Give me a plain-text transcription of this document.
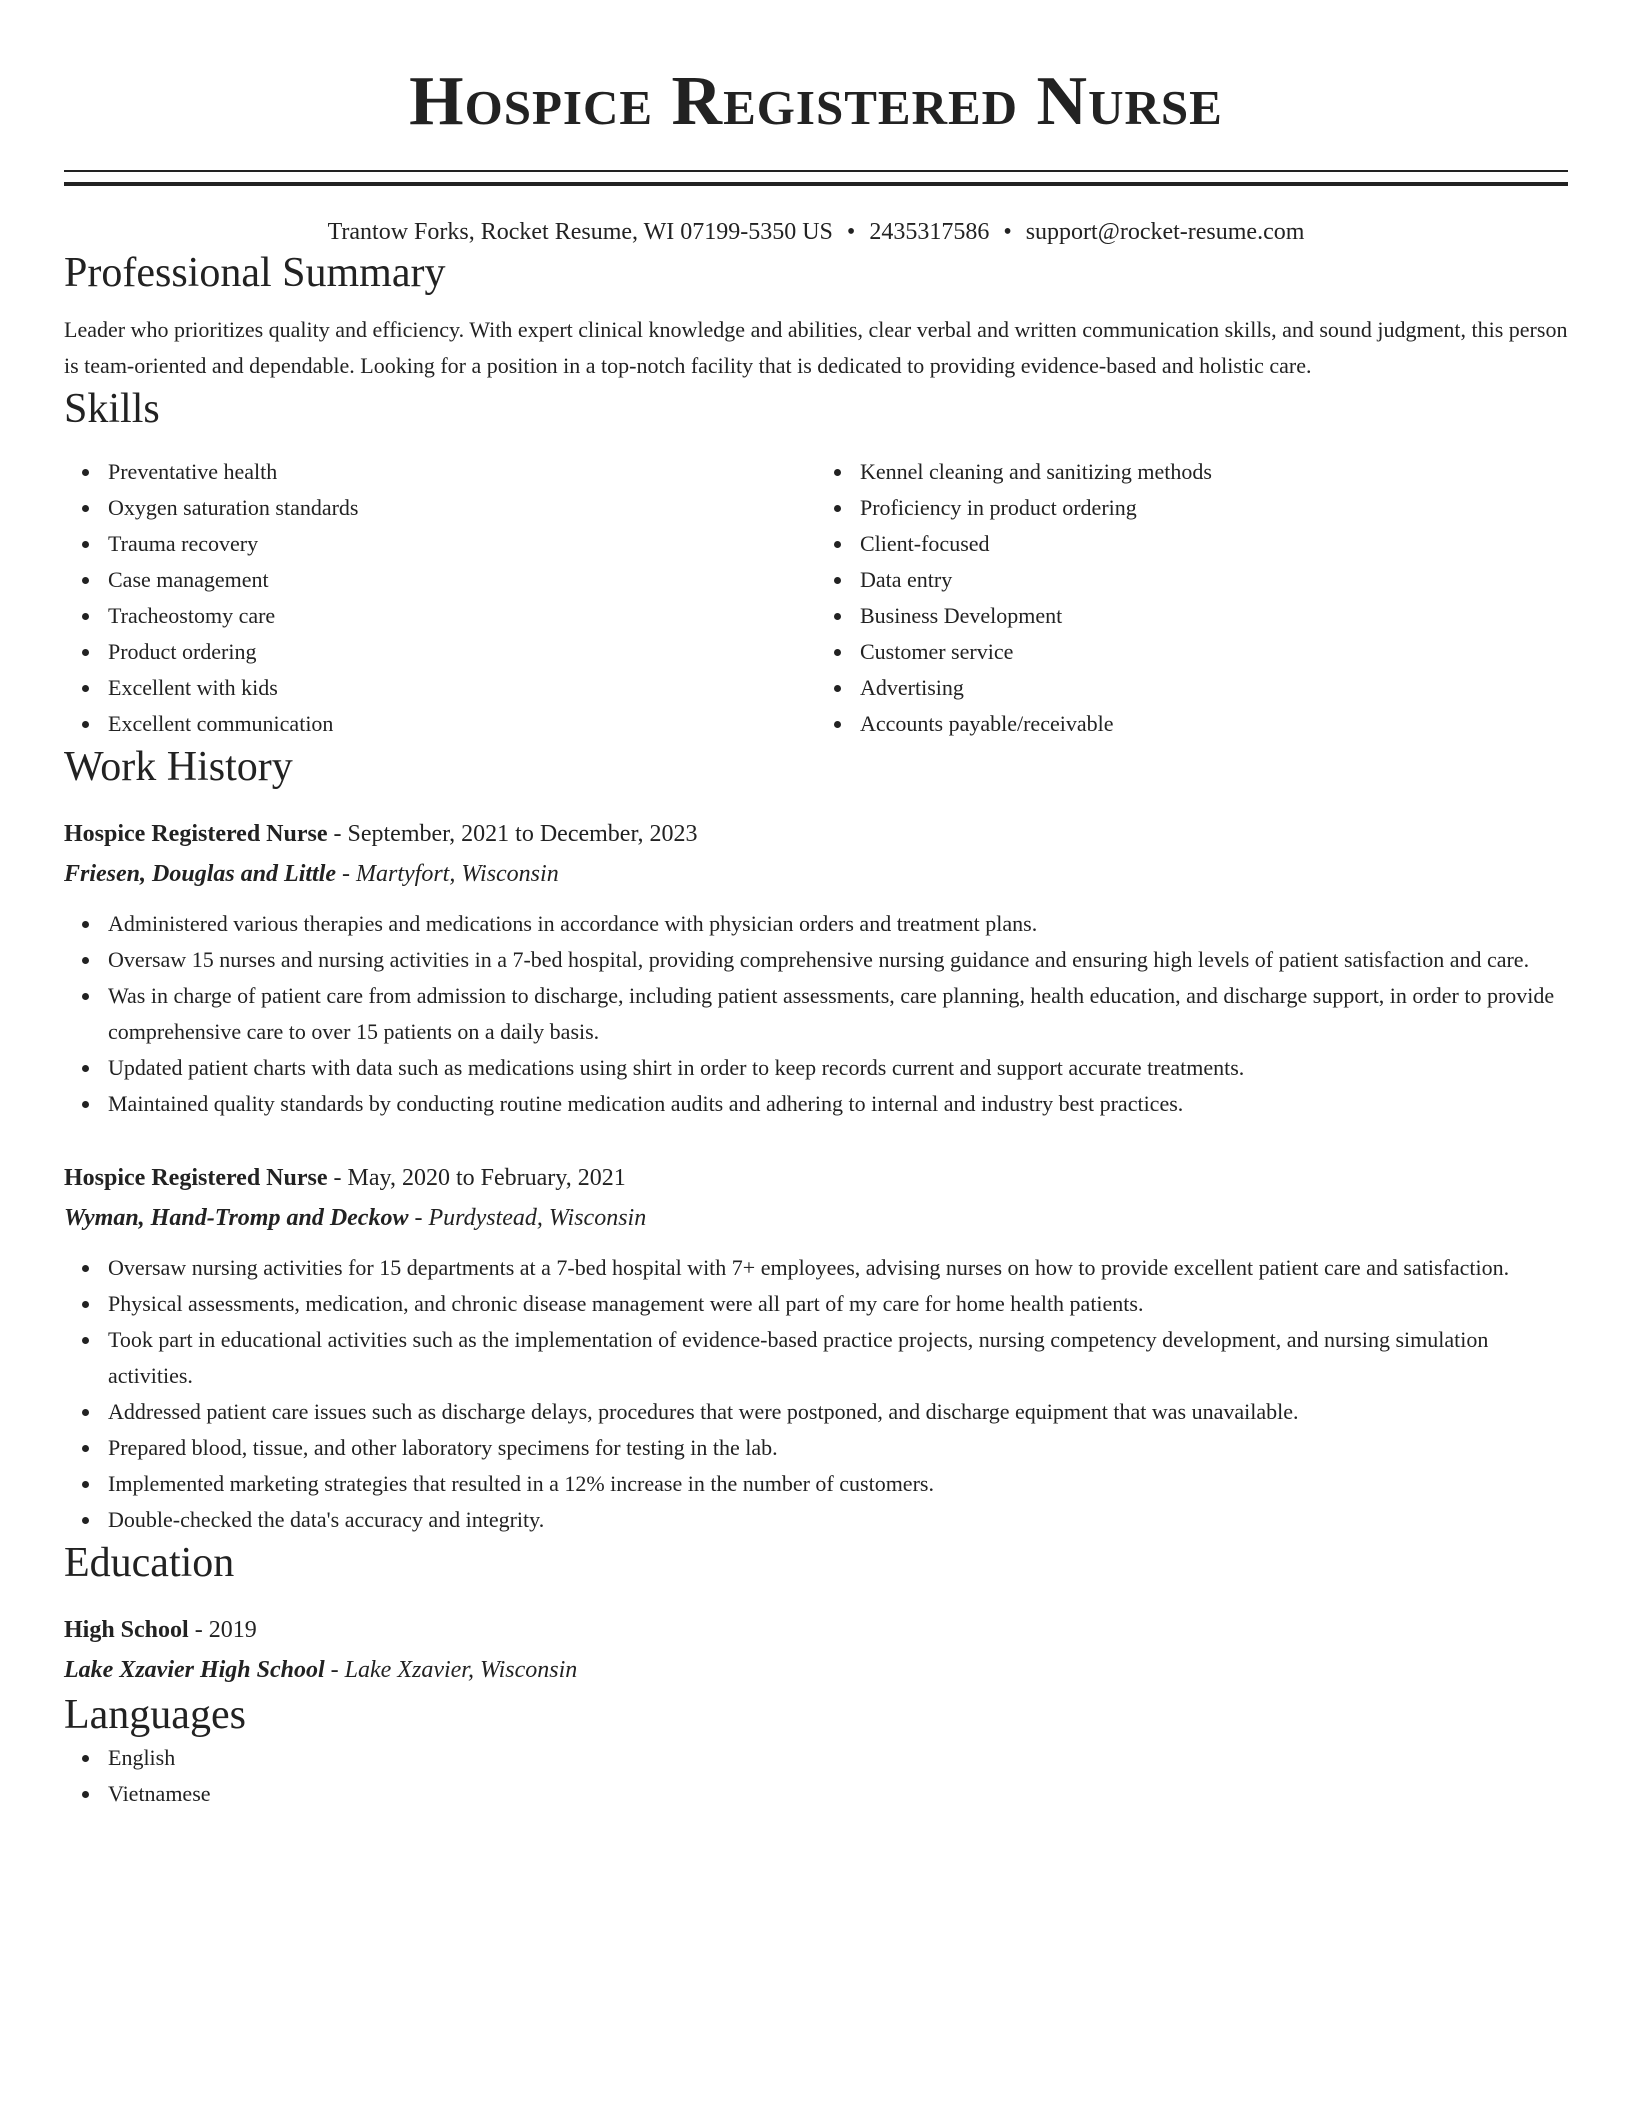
Hospice Registered Nurse
Trantow Forks, Rocket Resume, WI 07199-5350 US • 2435317586 • support@rocket-resume.com
Professional Summary

Leader who prioritizes quality and efficiency. With expert clinical knowledge and abilities, clear verbal and written communication skills, and sound judgment, this person is team-oriented and dependable. Looking for a position in a top-notch facility that is dedicated to providing evidence-based and holistic care.

Skills
Preventative health
Oxygen saturation standards
Trauma recovery
Case management
Tracheostomy care
Product ordering
Excellent with kids
Excellent communication
Kennel cleaning and sanitizing methods
Proficiency in product ordering
Client-focused
Data entry
Business Development
Customer service
Advertising
Accounts payable/receivable
Work History
Hospice Registered Nurse - September, 2021 to December, 2023
Friesen, Douglas and Little - Martyfort, Wisconsin
Administered various therapies and medications in accordance with physician orders and treatment plans.
Oversaw 15 nurses and nursing activities in a 7-bed hospital, providing comprehensive nursing guidance and ensuring high levels of patient satisfaction and care.
Was in charge of patient care from admission to discharge, including patient assessments, care planning, health education, and discharge support, in order to provide comprehensive care to over 15 patients on a daily basis.
Updated patient charts with data such as medications using shirt in order to keep records current and support accurate treatments.
Maintained quality standards by conducting routine medication audits and adhering to internal and industry best practices.
Hospice Registered Nurse - May, 2020 to February, 2021
Wyman, Hand-Tromp and Deckow - Purdystead, Wisconsin
Oversaw nursing activities for 15 departments at a 7-bed hospital with 7+ employees, advising nurses on how to provide excellent patient care and satisfaction.
Physical assessments, medication, and chronic disease management were all part of my care for home health patients.
Took part in educational activities such as the implementation of evidence-based practice projects, nursing competency development, and nursing simulation activities.
Addressed patient care issues such as discharge delays, procedures that were postponed, and discharge equipment that was unavailable.
Prepared blood, tissue, and other laboratory specimens for testing in the lab.
Implemented marketing strategies that resulted in a 12% increase in the number of customers.
Double-checked the data's accuracy and integrity.
Education
High School - 2019
Lake Xzavier High School - Lake Xzavier, Wisconsin
Languages
English
Vietnamese
